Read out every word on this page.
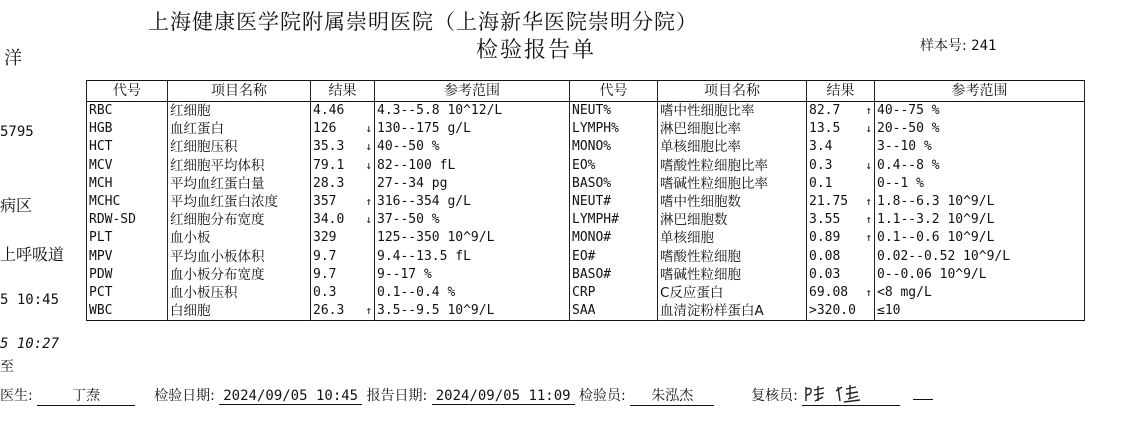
上海健康医学院附属崇明医院（上海新华医院崇明分院）
检验报告单	样本号: 241
洋
5795
病区
上呼吸道
5 10:45
5 10:27
至
代号	项目名称	结果	参考范围	代号	项目名称	结果	参考范围
RBC	红细胞	4.46	4.3--5.8 10^12/L	NEUT%	嗜中性细胞比率	82.7 ↑	40--75 %
HGB	血红蛋白	126 ↓	130--175 g/L	LYMPH%	淋巴细胞比率	13.5 ↓	20--50 %
HCT	红细胞压积	35.3 ↓	40--50 %	MONO%	单核细胞比率	3.4	3--10 %
MCV	红细胞平均体积	79.1 ↓	82--100 fL	EO%	嗜酸性粒细胞比率	0.3 ↓	0.4--8 %
MCH	平均血红蛋白量	28.3	27--34 pg	BASO%	嗜碱性粒细胞比率	0.1	0--1 %
MCHC	平均血红蛋白浓度	357 ↑	316--354 g/L	NEUT#	嗜中性细胞数	21.75 ↑	1.8--6.3 10^9/L
RDW-SD	红细胞分布宽度	34.0 ↓	37--50 %	LYMPH#	淋巴细胞数	3.55 ↑	1.1--3.2 10^9/L
PLT	血小板	329	125--350 10^9/L	MONO#	单核细胞	0.89 ↑	0.1--0.6 10^9/L
MPV	平均血小板体积	9.7	9.4--13.5 fL	EO#	嗜酸性粒细胞	0.08	0.02--0.52 10^9/L
PDW	血小板分布宽度	9.7	9--17 %	BASO#	嗜碱性粒细胞	0.03	0--0.06 10^9/L
PCT	血小板压积	0.3	0.1--0.4 %	CRP	C反应蛋白	69.08 ↑	<8 mg/L
WBC	白细胞	26.3 ↑	3.5--9.5 10^9/L	SAA	血清淀粉样蛋白A	>320.0	≤10
医生:	丁焘	检验日期: 2024/09/05 10:45 报告日期: 2024/09/05 11:09 检验员: 朱泓杰	复核员:
